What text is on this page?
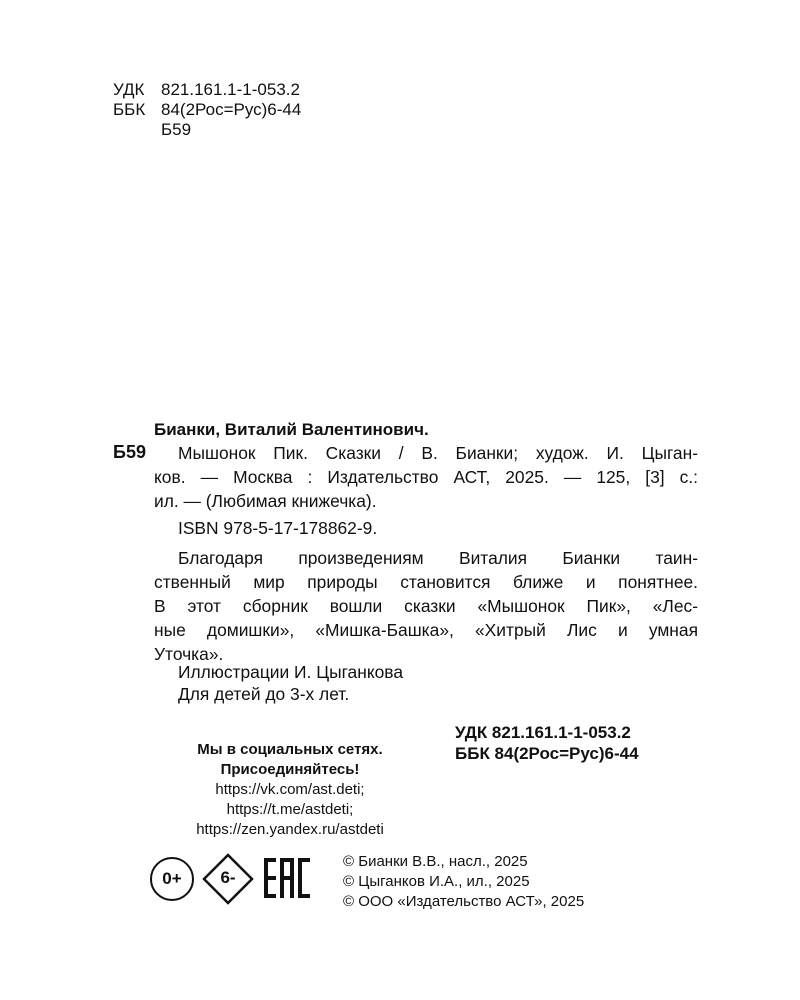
УДК 821.161.1-1-053.2
ББК 84(2Рос=Рус)6-44
Б59
Бианки, Виталий Валентинович.
Б59 Мышонок Пик. Сказки / В. Бианки; худож. И. Цыган-
ков. — Москва : Издательство АСТ, 2025. — 125, [3] с.:
ил. — (Любимая книжечка).
ISBN 978-5-17-178862-9.
Благодаря произведениям Виталия Бианки таин-
ственный мир природы становится ближе и понятнее.
В этот сборник вошли сказки «Мышонок Пик», «Лес-
ные домишки», «Мишка-Башка», «Хитрый Лис и умная
Уточка».
Иллюстрации И. Цыганкова
Для детей до 3-х лет.
УДК 821.161.1-1-053.2
ББК 84(2Рос=Рус)6-44
Мы в социальных сетях.
Присоединяйтесь!
https://vk.com/ast.deti;
https://t.me/astdeti;
https://zen.yandex.ru/astdeti
0+	6-
© Бианки В.В., насл., 2025
© Цыганков И.А., ил., 2025
© ООО «Издательство АСТ», 2025
